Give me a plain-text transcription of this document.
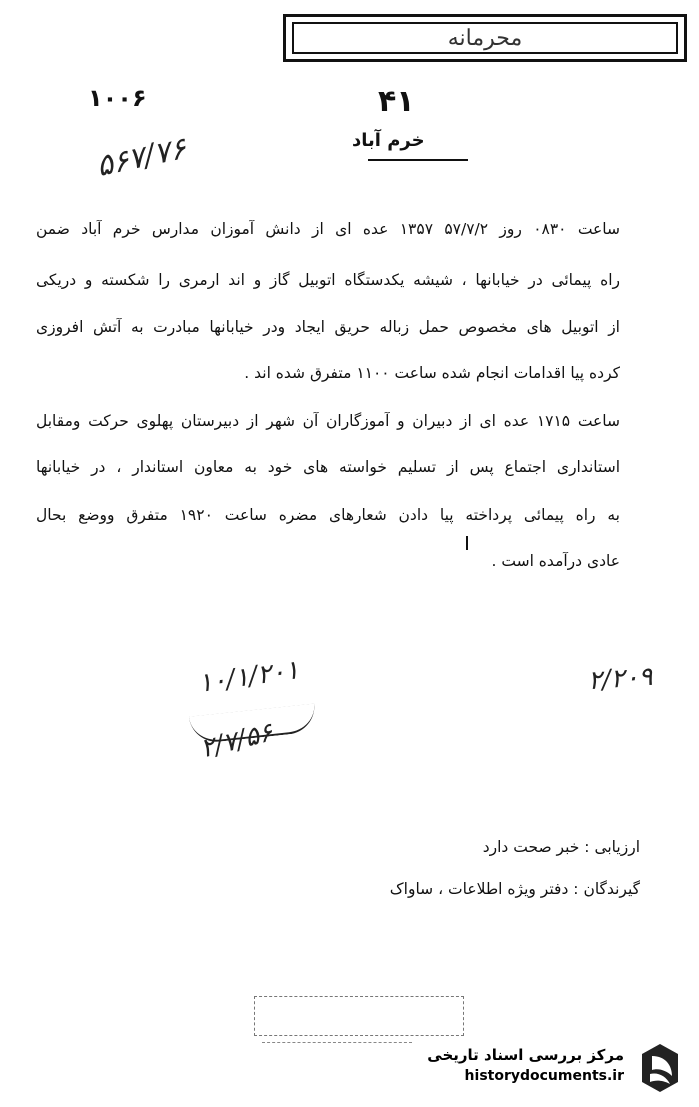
محرمانه
۱۰۰۶	۴۱
خرم آباد
۵۶۷/۷۶
ساعت ۰۸۳۰ روز ۵۷/۷/۲ ۱۳۵۷ عده ای از دانش آموزان مدارس خرم آباد ضمن
راه پیمائی در خیابانها ، شیشه یکدستگاه اتوبیل گاز و اند ارمری را شکسته و دریکی
از اتوبیل های مخصوص حمل زباله حریق ایجاد ودر خیابانها مبادرت به آتش افروزی
کرده پیا اقدامات انجام شده ساعت ۱۱۰۰ متفرق شده اند .
ساعت ۱۷۱۵ عده ای از دبیران و آموزگاران آن شهر از دبیرستان پهلوی حرکت ومقابل
استانداری اجتماع پس از تسلیم خواسته های خود به معاون استاندار ، در خیابانها
به راه پیمائی پرداخته پیا دادن شعارهای مضره ساعت ۱۹۲۰ متفرق ووضع بحال
عادی درآمده است .
۱۰/۱/۲۰۱
۲/۷/۵۶
۲/۲۰۹
ارزیابی : خبر صحت دارد
گیرندگان : دفتر ویژه اطلاعات ، ساواک
مرکز بررسی اسناد تاریخی
historydocuments.ir
